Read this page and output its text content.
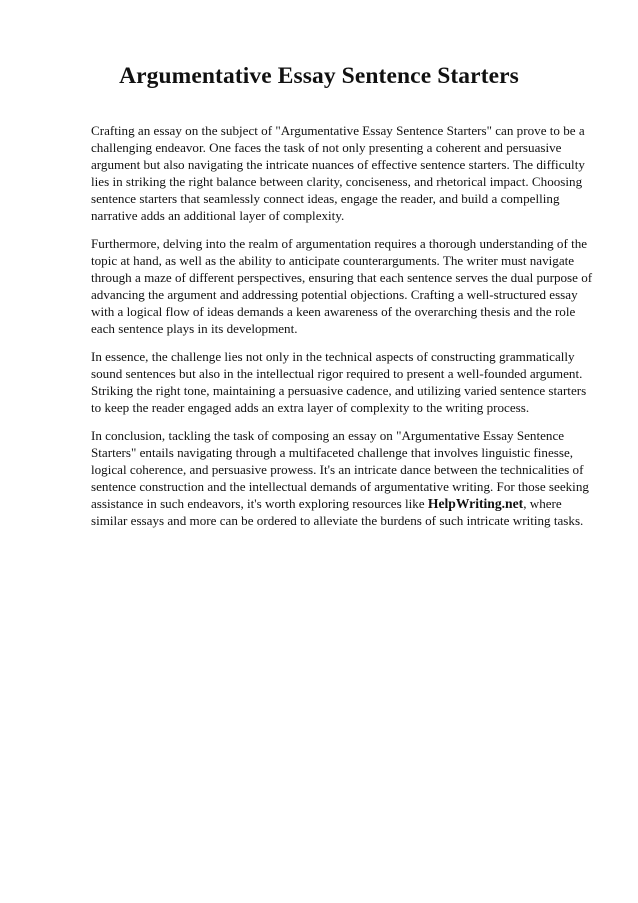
Argumentative Essay Sentence Starters

Crafting an essay on the subject of "Argumentative Essay Sentence Starters" can prove to be a challenging endeavor. One faces the task of not only presenting a coherent and persuasive argument but also navigating the intricate nuances of effective sentence starters. The difficulty lies in striking the right balance between clarity, conciseness, and rhetorical impact. Choosing sentence starters that seamlessly connect ideas, engage the reader, and build a compelling narrative adds an additional layer of complexity.

Furthermore, delving into the realm of argumentation requires a thorough understanding of the topic at hand, as well as the ability to anticipate counterarguments. The writer must navigate through a maze of different perspectives, ensuring that each sentence serves the dual purpose of advancing the argument and addressing potential objections. Crafting a well-structured essay with a logical flow of ideas demands a keen awareness of the overarching thesis and the role each sentence plays in its development.

In essence, the challenge lies not only in the technical aspects of constructing grammatically sound sentences but also in the intellectual rigor required to present a well-founded argument. Striking the right tone, maintaining a persuasive cadence, and utilizing varied sentence starters to keep the reader engaged adds an extra layer of complexity to the writing process.

In conclusion, tackling the task of composing an essay on "Argumentative Essay Sentence Starters" entails navigating through a multifaceted challenge that involves linguistic finesse, logical coherence, and persuasive prowess. It's an intricate dance between the technicalities of sentence construction and the intellectual demands of argumentative writing. For those seeking assistance in such endeavors, it's worth exploring resources like HelpWriting.net, where similar essays and more can be ordered to alleviate the burdens of such intricate writing tasks.
